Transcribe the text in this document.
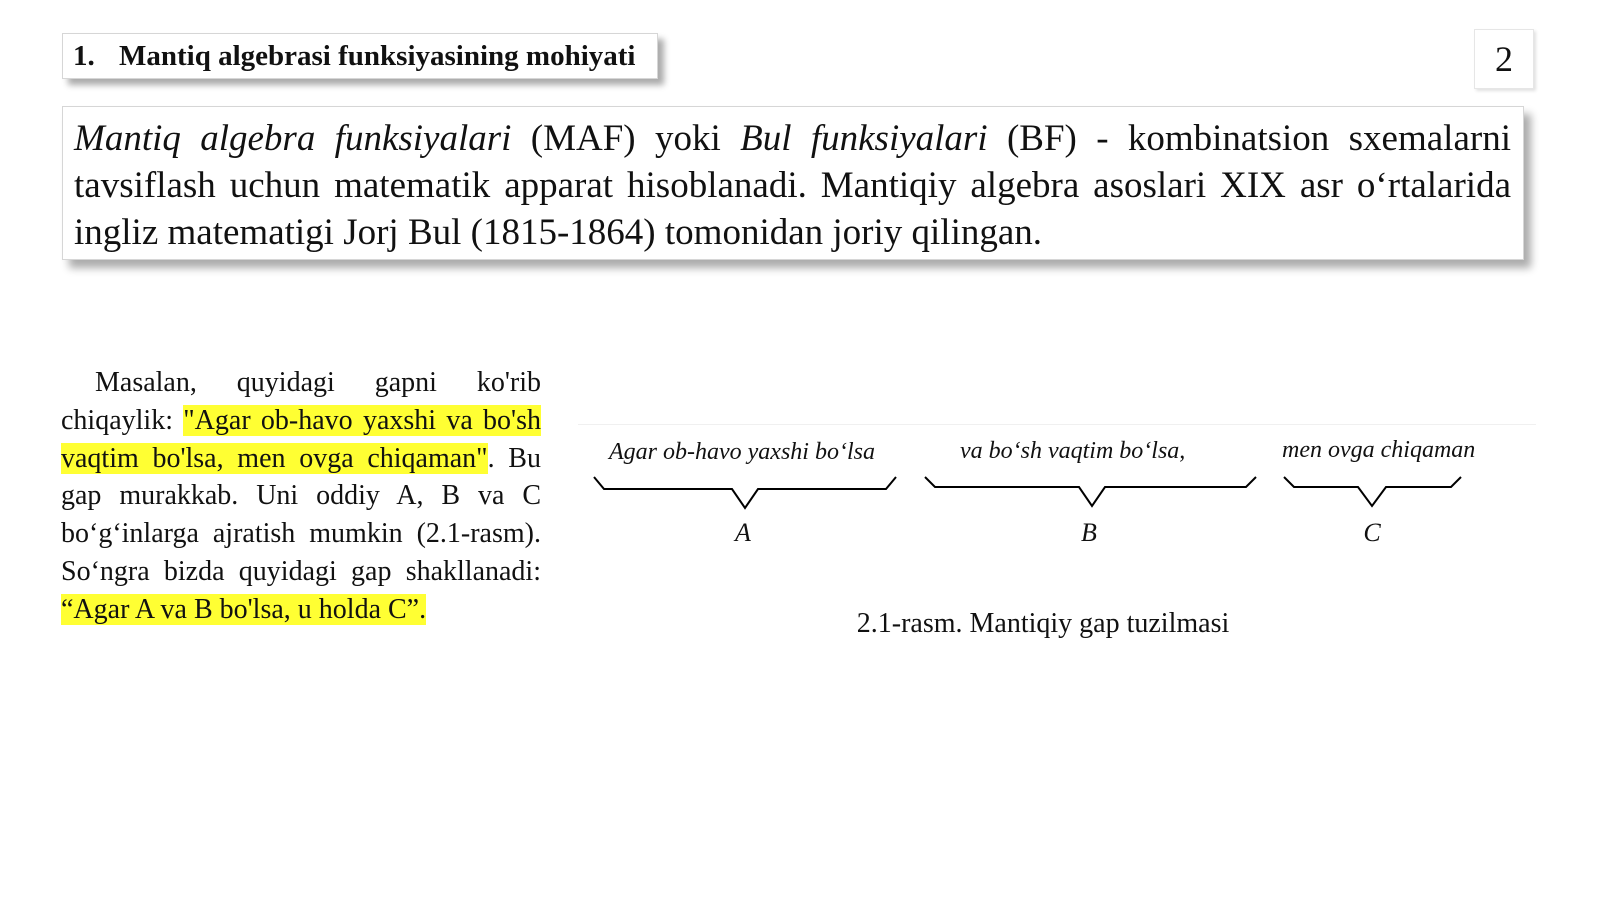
1. Mantiq algebrasi funksiyasining mohiyati	2
Mantiq algebra funksiyalari (MAF) yoki Bul funksiyalari (BF) - kombinatsion sxemalarni tavsiflash uchun matematik apparat hisoblanadi. Mantiqiy algebra asoslari XIX asr oʻrtalarida ingliz matematigi Jorj Bul (1815-1864) tomonidan joriy qilingan.
Masalan, quyidagi gapni ko'rib chiqaylik: "Agar ob-havo yaxshi va bo'sh vaqtim bo'lsa, men ovga chiqaman". Bu gap murakkab. Uni oddiy A, B va C boʻgʻinlarga ajratish mumkin (2.1-rasm). Soʻngra bizda quyidagi gap shakllanadi: “Agar A va B bo'lsa, u holda C”.
Agar ob-havo yaxshi boʻlsa	va boʻsh vaqtim boʻlsa,	men ovga chiqaman
A	B	C
2.1-rasm. Mantiqiy gap tuzilmasi
